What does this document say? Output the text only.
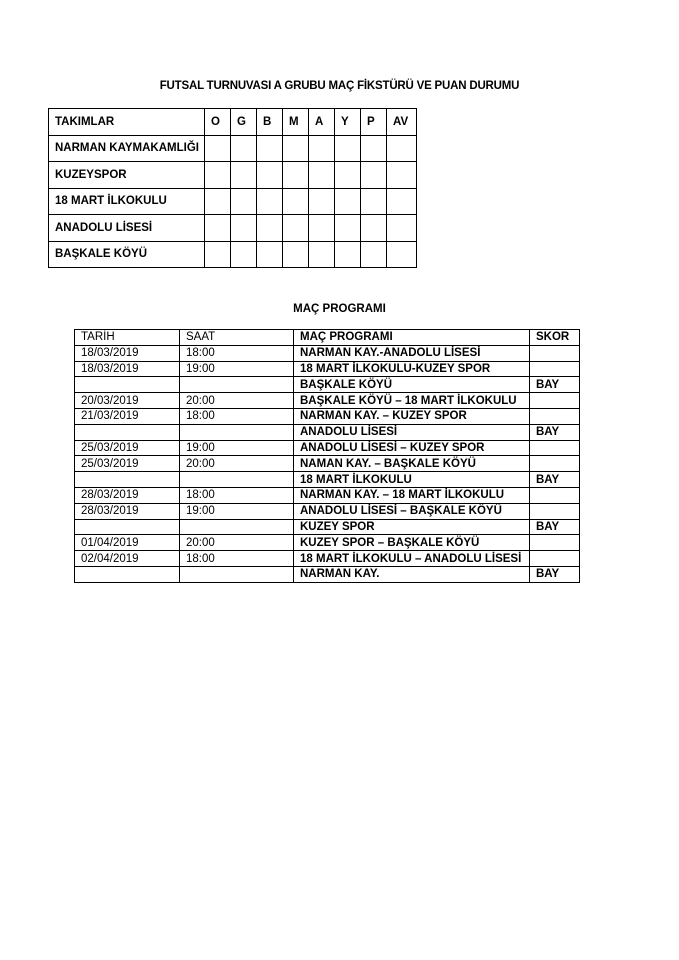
FUTSAL TURNUVASI A GRUBU MAÇ FİKSTÜRÜ VE PUAN DURUMU
TAKIMLAR	O	G	B	M	A	Y	P	AV
NARMAN KAYMAKAMLIĞI								
KUZEYSPOR								
18 MART İLKOKULU								
ANADOLU LİSESİ								
BAŞKALE KÖYÜ								
MAÇ PROGRAMI
TARİH	SAAT	MAÇ PROGRAMI	SKOR
18/03/2019	18:00	NARMAN KAY.-ANADOLU LİSESİ	
18/03/2019	19:00	18 MART İLKOKULU-KUZEY SPOR	
		BAŞKALE KÖYÜ	BAY
20/03/2019	20:00	BAŞKALE KÖYÜ – 18 MART İLKOKULU	
21/03/2019	18:00	NARMAN KAY. – KUZEY SPOR	
		ANADOLU LİSESİ	BAY
25/03/2019	19:00	ANADOLU LİSESİ – KUZEY SPOR	
25/03/2019	20:00	NAMAN KAY. – BAŞKALE KÖYÜ	
		18 MART İLKOKULU	BAY
28/03/2019	18:00	NARMAN KAY. – 18 MART İLKOKULU	
28/03/2019	19:00	ANADOLU LİSESİ – BAŞKALE KÖYÜ	
		KUZEY SPOR	BAY
01/04/2019	20:00	KUZEY SPOR – BAŞKALE KÖYÜ	
02/04/2019	18:00	18 MART İLKOKULU – ANADOLU LİSESİ	
		NARMAN KAY.	BAY
